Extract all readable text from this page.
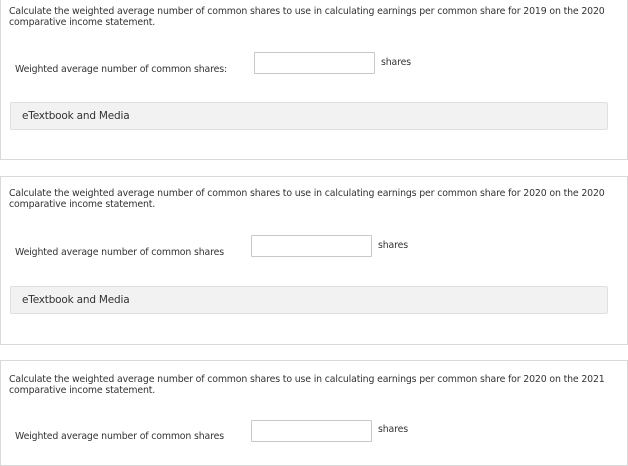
Calculate the weighted average number of common shares to use in calculating earnings per common share for 2019 on the 2020 comparative income statement.
Weighted average number of common shares:
shares
eTextbook and Media
Calculate the weighted average number of common shares to use in calculating earnings per common share for 2020 on the 2020 comparative income statement.
Weighted average number of common shares
shares
eTextbook and Media
Calculate the weighted average number of common shares to use in calculating earnings per common share for 2020 on the 2021 comparative income statement.
Weighted average number of common shares
shares
